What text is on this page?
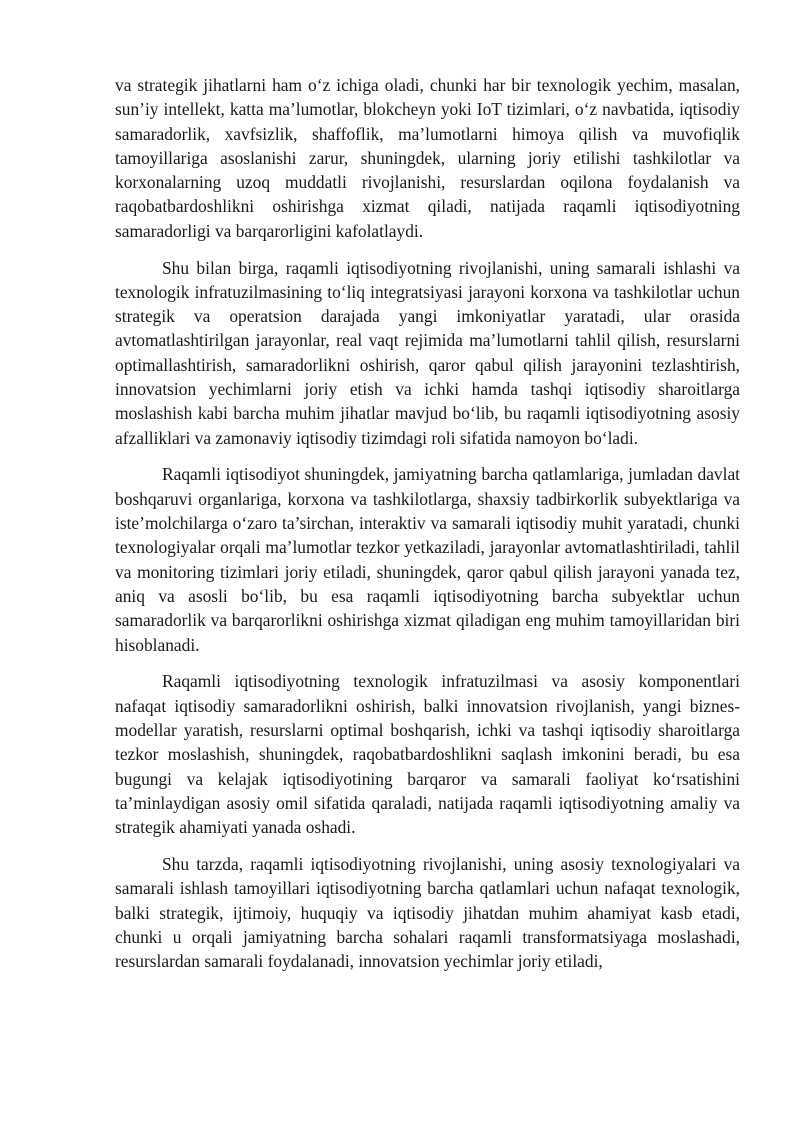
va strategik jihatlarni ham o‘z ichiga oladi, chunki har bir texnologik yechim, masalan, sun’iy intellekt, katta ma’lumotlar, blokcheyn yoki IoT tizimlari, o‘z navbatida, iqtisodiy samaradorlik, xavfsizlik, shaffoflik, ma’lumotlarni himoya qilish va muvofiqlik tamoyillariga asoslanishi zarur, shuningdek, ularning joriy etilishi tashkilotlar va korxonalarning uzoq muddatli rivojlanishi, resurslardan oqilona foydalanish va raqobatbardoshlikni oshirishga xizmat qiladi, natijada raqamli iqtisodiyotning samaradorligi va barqarorligini kafolatlaydi.

Shu bilan birga, raqamli iqtisodiyotning rivojlanishi, uning samarali ishlashi va texnologik infratuzilmasining to‘liq integratsiyasi jarayoni korxona va tashkilotlar uchun strategik va operatsion darajada yangi imkoniyatlar yaratadi, ular orasida avtomatlashtirilgan jarayonlar, real vaqt rejimida ma’lumotlarni tahlil qilish, resurslarni optimallashtirish, samaradorlikni oshirish, qaror qabul qilish jarayonini tezlashtirish, innovatsion yechimlarni joriy etish va ichki hamda tashqi iqtisodiy sharoitlarga moslashish kabi barcha muhim jihatlar mavjud bo‘lib, bu raqamli iqtisodiyotning asosiy afzalliklari va zamonaviy iqtisodiy tizimdagi roli sifatida namoyon bo‘ladi.

Raqamli iqtisodiyot shuningdek, jamiyatning barcha qatlamlariga, jumladan davlat boshqaruvi organlariga, korxona va tashkilotlarga, shaxsiy tadbirkorlik subyektlariga va iste’molchilarga o‘zaro ta’sirchan, interaktiv va samarali iqtisodiy muhit yaratadi, chunki texnologiyalar orqali ma’lumotlar tezkor yetkaziladi, jarayonlar avtomatlashtiriladi, tahlil va monitoring tizimlari joriy etiladi, shuningdek, qaror qabul qilish jarayoni yanada tez, aniq va asosli bo‘lib, bu esa raqamli iqtisodiyotning barcha subyektlar uchun samaradorlik va barqarorlikni oshirishga xizmat qiladigan eng muhim tamoyillaridan biri hisoblanadi.

Raqamli iqtisodiyotning texnologik infratuzilmasi va asosiy komponentlari nafaqat iqtisodiy samaradorlikni oshirish, balki innovatsion rivojlanish, yangi biznes-modellar yaratish, resurslarni optimal boshqarish, ichki va tashqi iqtisodiy sharoitlarga tezkor moslashish, shuningdek, raqobatbardoshlikni saqlash imkonini beradi, bu esa bugungi va kelajak iqtisodiyotining barqaror va samarali faoliyat ko‘rsatishini ta’minlaydigan asosiy omil sifatida qaraladi, natijada raqamli iqtisodiyotning amaliy va strategik ahamiyati yanada oshadi.

Shu tarzda, raqamli iqtisodiyotning rivojlanishi, uning asosiy texnologiyalari va samarali ishlash tamoyillari iqtisodiyotning barcha qatlamlari uchun nafaqat texnologik, balki strategik, ijtimoiy, huquqiy va iqtisodiy jihatdan muhim ahamiyat kasb etadi, chunki u orqali jamiyatning barcha sohalari raqamli transformatsiyaga moslashadi, resurslardan samarali foydalanadi, innovatsion yechimlar joriy etiladi,
